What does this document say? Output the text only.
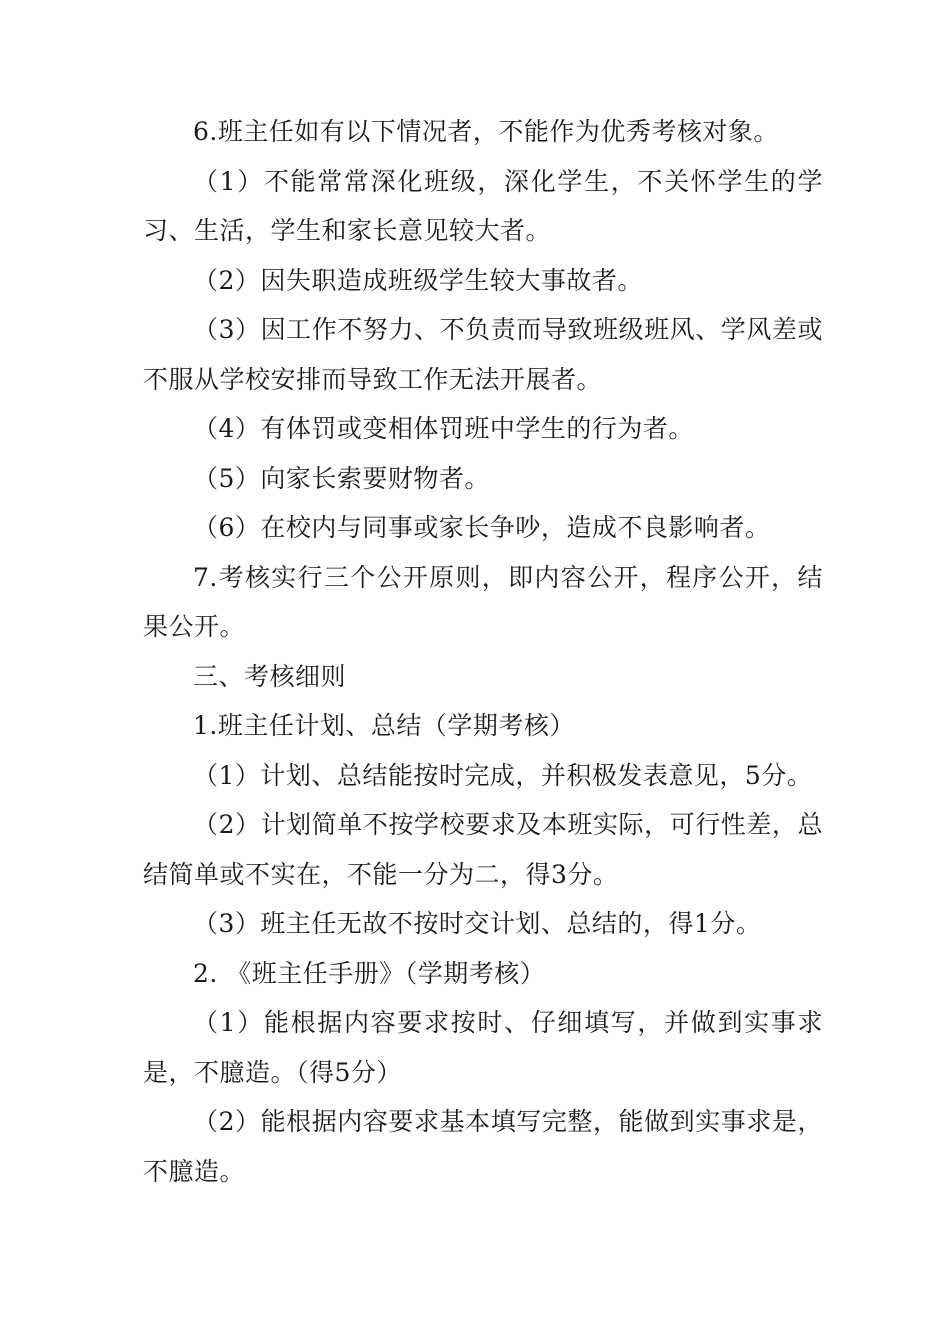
6.班主任如有以下情况者，不能作为优秀考核对象。

（1）不能常常深化班级，深化学生，不关怀学生的学习、生活，学生和家长意见较大者。

（2）因失职造成班级学生较大事故者。

（3）因工作不努力、不负责而导致班级班风、学风差或不服从学校安排而导致工作无法开展者。

（4）有体罚或变相体罚班中学生的行为者。

（5）向家长索要财物者。

（6）在校内与同事或家长争吵，造成不良影响者。

7.考核实行三个公开原则，即内容公开，程序公开，结果公开。

三、考核细则

1.班主任计划、总结（学期考核）

（1）计划、总结能按时完成，并积极发表意见，5分。

（2）计划简单不按学校要求及本班实际，可行性差，总结简单或不实在，不能一分为二，得3分。

（3）班主任无故不按时交计划、总结的，得1分。

2. 《班主任手册》（学期考核）

（1）能根据内容要求按时、仔细填写，并做到实事求是，不臆造。（得5分）

（2）能根据内容要求基本填写完整，能做到实事求是，不臆造。
